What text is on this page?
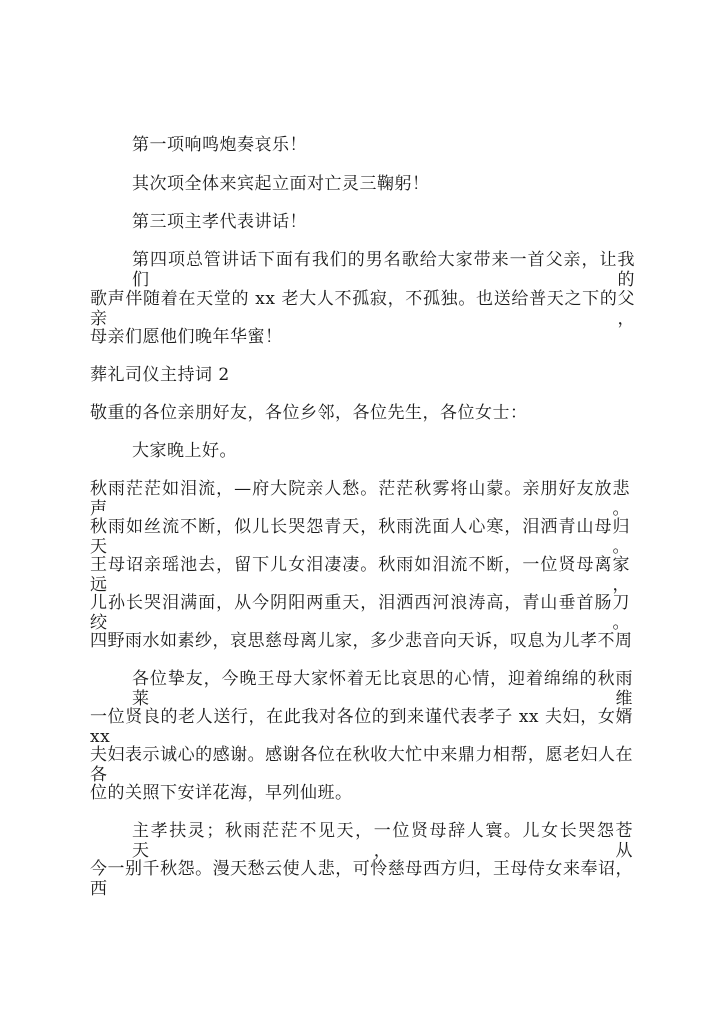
第一项响鸣炮奏哀乐！
其次项全体来宾起立面对亡灵三鞠躬！
第三项主孝代表讲话！
第四项总管讲话下面有我们的男名歌给大家带来一首父亲，让我们的
歌声伴随着在天堂的 xx 老大人不孤寂，不孤独。也送给普天之下的父亲，
母亲们愿他们晚年华蜜！
葬礼司仪主持词 2
敬重的各位亲朋好友，各位乡邻，各位先生，各位女士：
大家晚上好。
秋雨茫茫如泪流，—府大院亲人愁。茫茫秋雾将山蒙。亲朋好友放悲声。
秋雨如丝流不断，似儿长哭怨青天，秋雨洗面人心寒，泪洒青山母归天。
王母诏亲瑶池去，留下儿女泪凄凄。秋雨如泪流不断，一位贤母离家远，
儿孙长哭泪满面，从今阴阳两重天，泪洒西河浪涛高，青山垂首肠刀绞。
四野雨水如素纱，哀思慈母离儿家，多少悲音向天诉，叹息为儿孝不周
各位挚友，今晚王母大家怀着无比哀思的心情，迎着绵绵的秋雨莱维
一位贤良的老人送行，在此我对各位的到来谨代表孝子 xx 夫妇，女婿 xx
夫妇表示诚心的感谢。感谢各位在秋收大忙中来鼎力相帮，愿老妇人在各
位的关照下安详花海，早列仙班。
主孝扶灵；秋雨茫茫不见天，一位贤母辞人寰。儿女长哭怨苍天，从
今一别千秋怨。漫天愁云使人悲，可怜慈母西方归，王母侍女来奉诏，西
